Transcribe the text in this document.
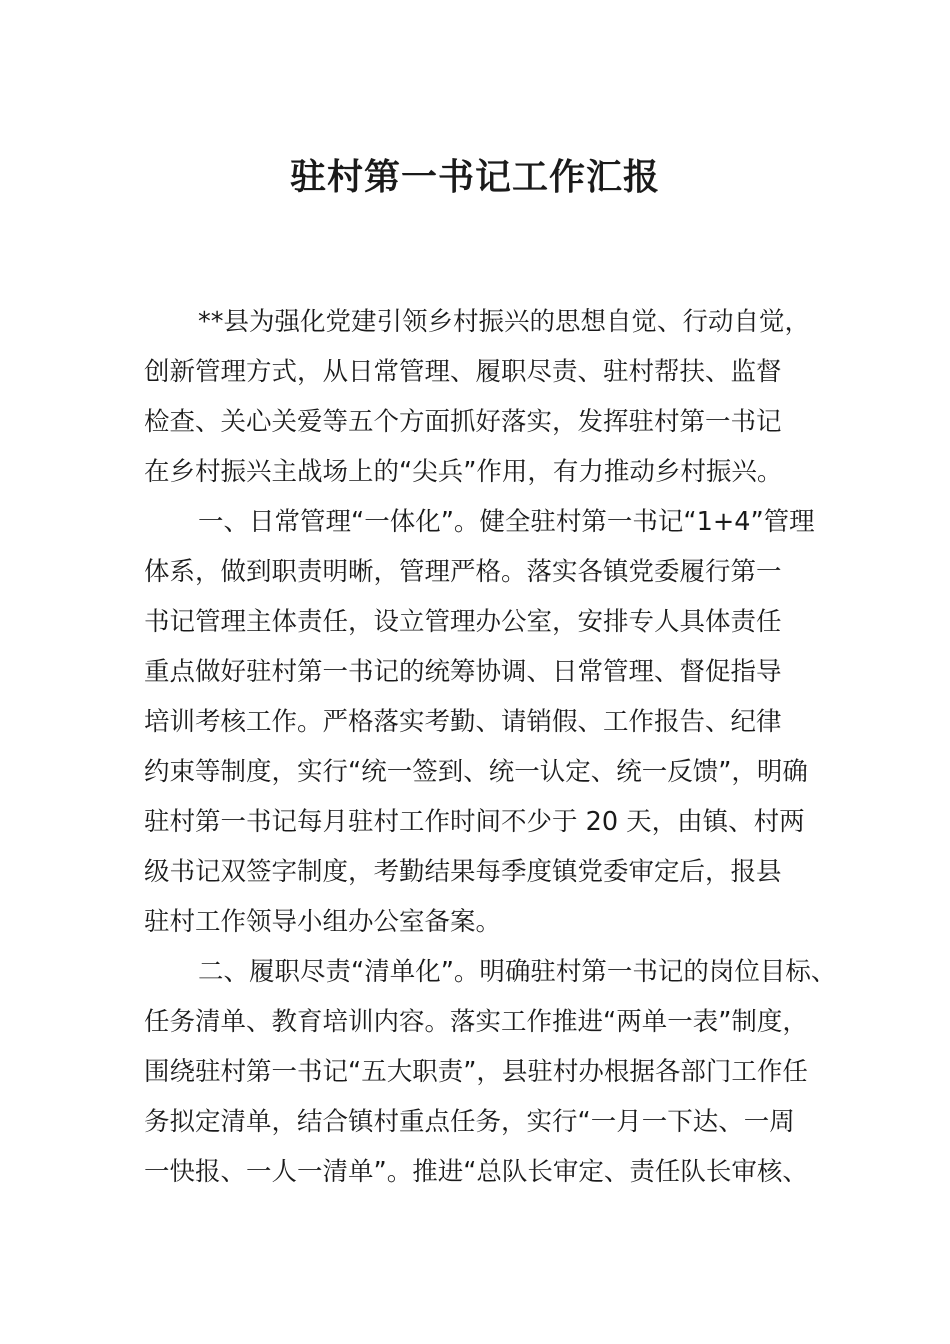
驻村第一书记工作汇报

**县为强化党建引领乡村振兴的思想自觉、行动自觉，
创新管理方式，从日常管理、履职尽责、驻村帮扶、监督
检查、关心关爱等五个方面抓好落实，发挥驻村第一书记
在乡村振兴主战场上的“尖兵”作用，有力推动乡村振兴。

一、日常管理“一体化”。健全驻村第一书记“1+4”管理
体系，做到职责明晰，管理严格。落实各镇党委履行第一
书记管理主体责任，设立管理办公室，安排专人具体责任
重点做好驻村第一书记的统筹协调、日常管理、督促指导
培训考核工作。严格落实考勤、请销假、工作报告、纪律
约束等制度，实行“统一签到、统一认定、统一反馈”，明确
驻村第一书记每月驻村工作时间不少于 20 天，由镇、村两
级书记双签字制度，考勤结果每季度镇党委审定后，报县
驻村工作领导小组办公室备案。

二、履职尽责“清单化”。明确驻村第一书记的岗位目标、
任务清单、教育培训内容。落实工作推进“两单一表”制度，
围绕驻村第一书记“五大职责”，县驻村办根据各部门工作任
务拟定清单，结合镇村重点任务，实行“一月一下达、一周
一快报、一人一清单”。推进“总队长审定、责任队长审核、
